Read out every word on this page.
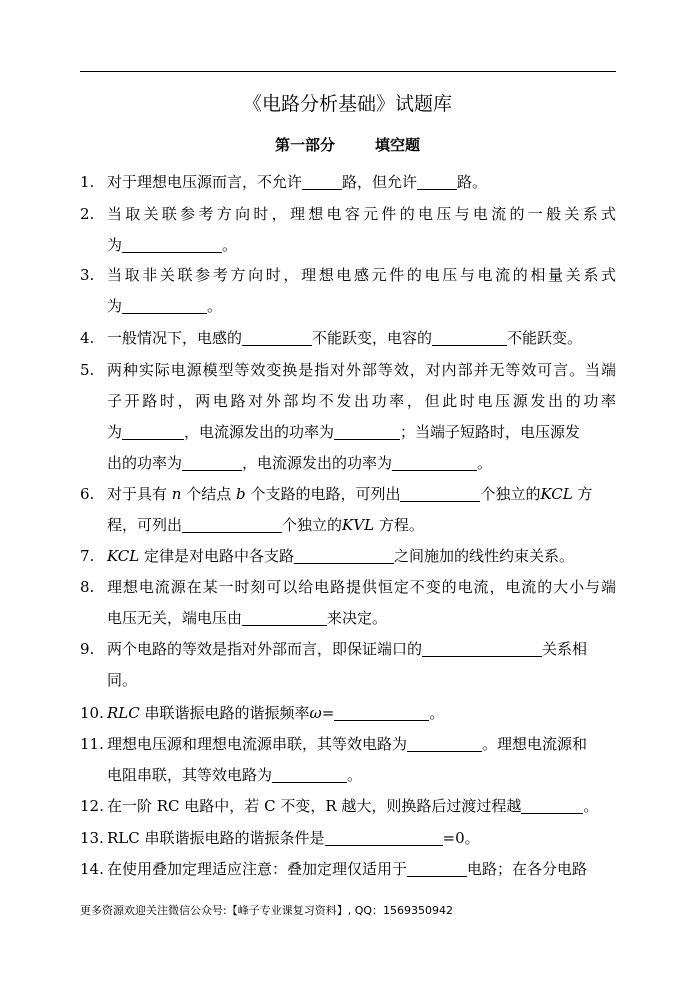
《电路分析基础》试题库
第一部分	填空题
1. 对于理想电压源而言，不允许	路，但允许	路。
2. 当取关联参考方向时，理想电容元件的电压与电流的一般关系式
为	。
3. 当取非关联参考方向时，理想电感元件的电压与电流的相量关系式
为	。
4. 一般情况下，电感的	不能跃变，电容的	不能跃变。
5. 两种实际电源模型等效变换是指对外部等效，对内部并无等效可言。当端
子开路时，两电路对外部均不发出功率，但此时电压源发出的功率
为	，电流源发出的功率为	；当端子短路时，电压源发
出的功率为	，电流源发出的功率为	。
6. 对于具有 n 个结点 b 个支路的电路，可列出	个独立的KCL 方
程，可列出	个独立的KVL 方程。
7. KCL 定律是对电路中各支路	之间施加的线性约束关系。
8. 理想电流源在某一时刻可以给电路提供恒定不变的电流，电流的大小与端
电压无关，端电压由	来决定。
9. 两个电路的等效是指对外部而言，即保证端口的	关系相
同。
10. RLC 串联谐振电路的谐振频率ω=	。
11. 理想电压源和理想电流源串联，其等效电路为	。理想电流源和
电阻串联，其等效电路为	。
12. 在一阶 RC 电路中，若 C 不变，R 越大，则换路后过渡过程越	。
13. RLC 串联谐振电路的谐振条件是	=0。
14. 在使用叠加定理适应注意：叠加定理仅适用于	电路；在各分电路
更多资源欢迎关注微信公众号:【峰子专业课复习资料】, QQ：1569350942
